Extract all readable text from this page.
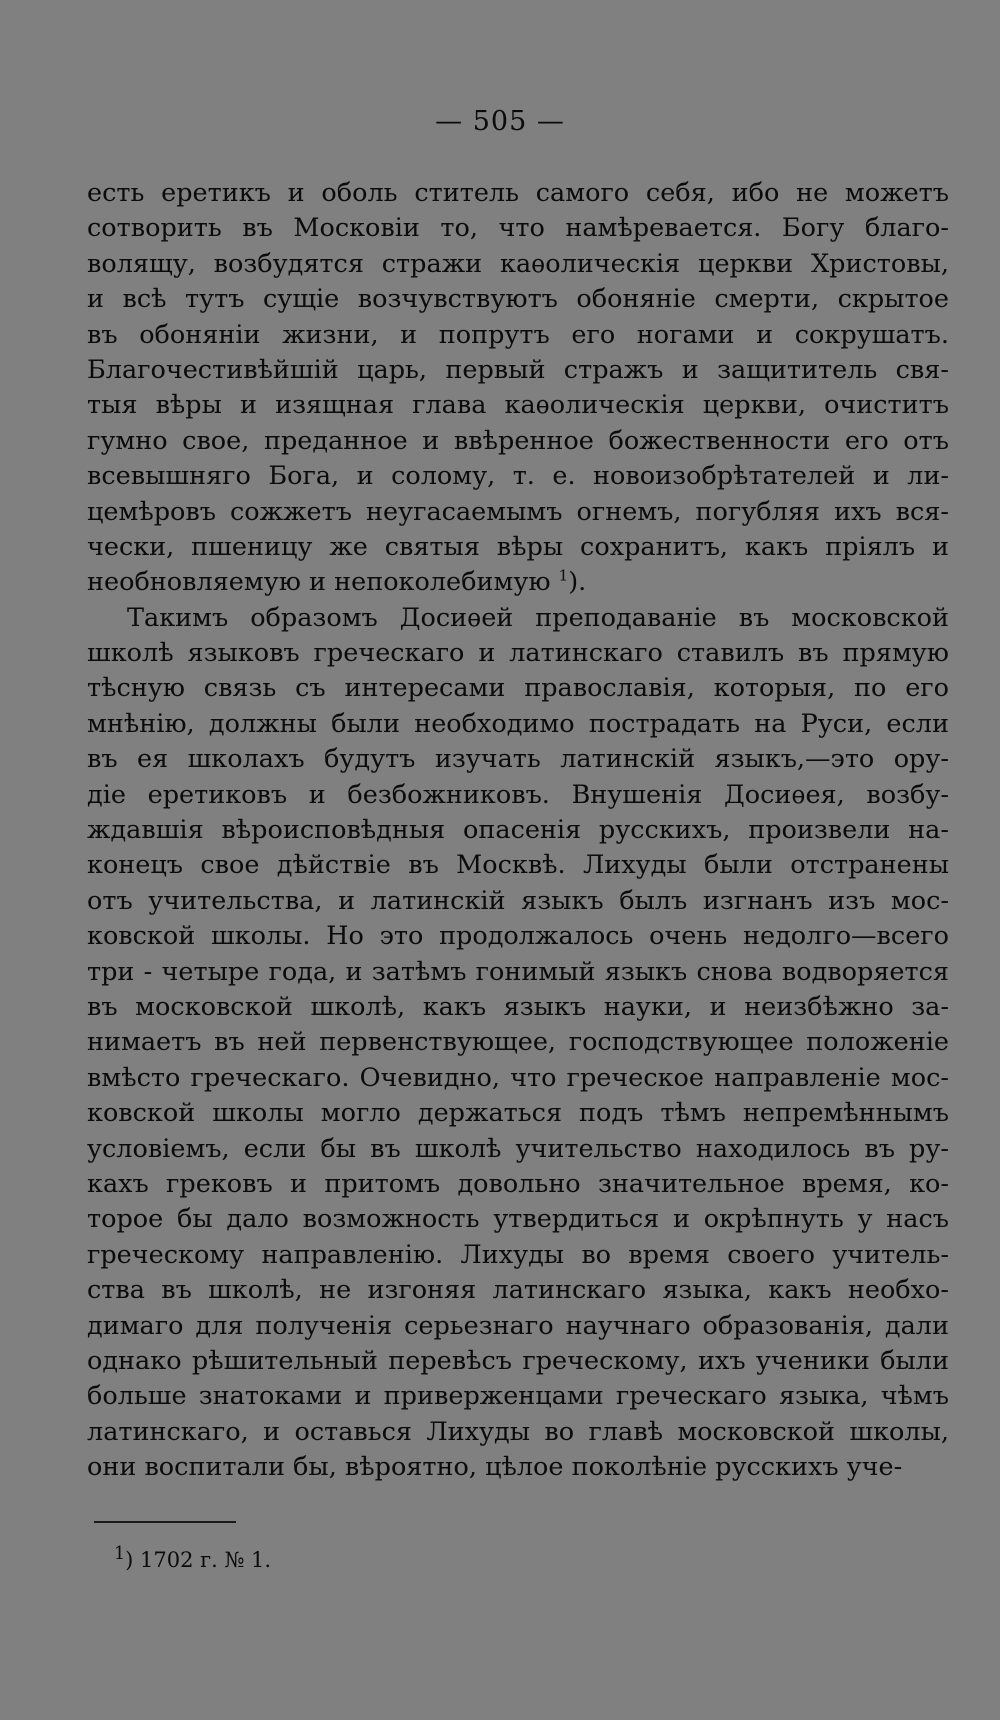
— 505 —
есть еретикъ и оболь ститель самого себя, ибо не можетъ
сотворить въ Московіи то, что намѣревается. Богу благо-
волящу, возбудятся стражи каѳолическія церкви Христовы,
и всѣ тутъ сущіе возчувствуютъ обоняніе смерти, скрытое
въ обоняніи жизни, и попрутъ его ногами и сокрушатъ.
Благочестивѣйшій царь, первый стражъ и защититель свя-
тыя вѣры и изящная глава каѳолическія церкви, очиститъ
гумно свое, преданное и ввѣренное божественности его отъ
всевышняго Бога, и солому, т. е. новоизобрѣтателей и ли-
цемѣровъ сожжетъ неугасаемымъ огнемъ, погубляя ихъ вся-
чески, пшеницу же святыя вѣры сохранитъ, какъ пріялъ и
необновляемую и непоколебимую $^1$).
Такимъ образомъ Досиѳей преподаваніе въ московской
школѣ языковъ греческаго и латинскаго ставилъ въ прямую
тѣсную связь съ интересами православія, которыя, по его
мнѣнію, должны были необходимо пострадать на Руси, если
въ ея школахъ будутъ изучать латинскій языкъ,—это ору-
діе еретиковъ и безбожниковъ. Внушенія Досиѳея, возбу-
ждавшія вѣроисповѣдныя опасенія русскихъ, произвели на-
конецъ свое дѣйствіе въ Москвѣ. Лихуды были отстранены
отъ учительства, и латинскій языкъ былъ изгнанъ изъ мос-
ковской школы. Но это продолжалось очень недолго—всего
три - четыре года, и затѣмъ гонимый языкъ снова водворяется
въ московской школѣ, какъ языкъ науки, и неизбѣжно за-
нимаетъ въ ней первенствующее, господствующее положеніе
вмѣсто греческаго. Очевидно, что греческое направленіе мос-
ковской школы могло держаться подъ тѣмъ непремѣннымъ
условіемъ, если бы въ школѣ учительство находилось въ ру-
кахъ грековъ и притомъ довольно значительное время, ко-
торое бы дало возможность утвердиться и окрѣпнуть у насъ
греческому направленію. Лихуды во время своего учитель-
ства въ школѣ, не изгоняя латинскаго языка, какъ необхо-
димаго для полученія серьезнаго научнаго образованія, дали
однако рѣшительный перевѣсъ греческому, ихъ ученики были
больше знатоками и приверженцами греческаго языка, чѣмъ
латинскаго, и оставься Лихуды во главѣ московской школы,
они воспитали бы, вѣроятно, цѣлое поколѣніе русскихъ уче-
$^1$) 1702 г. № 1.
